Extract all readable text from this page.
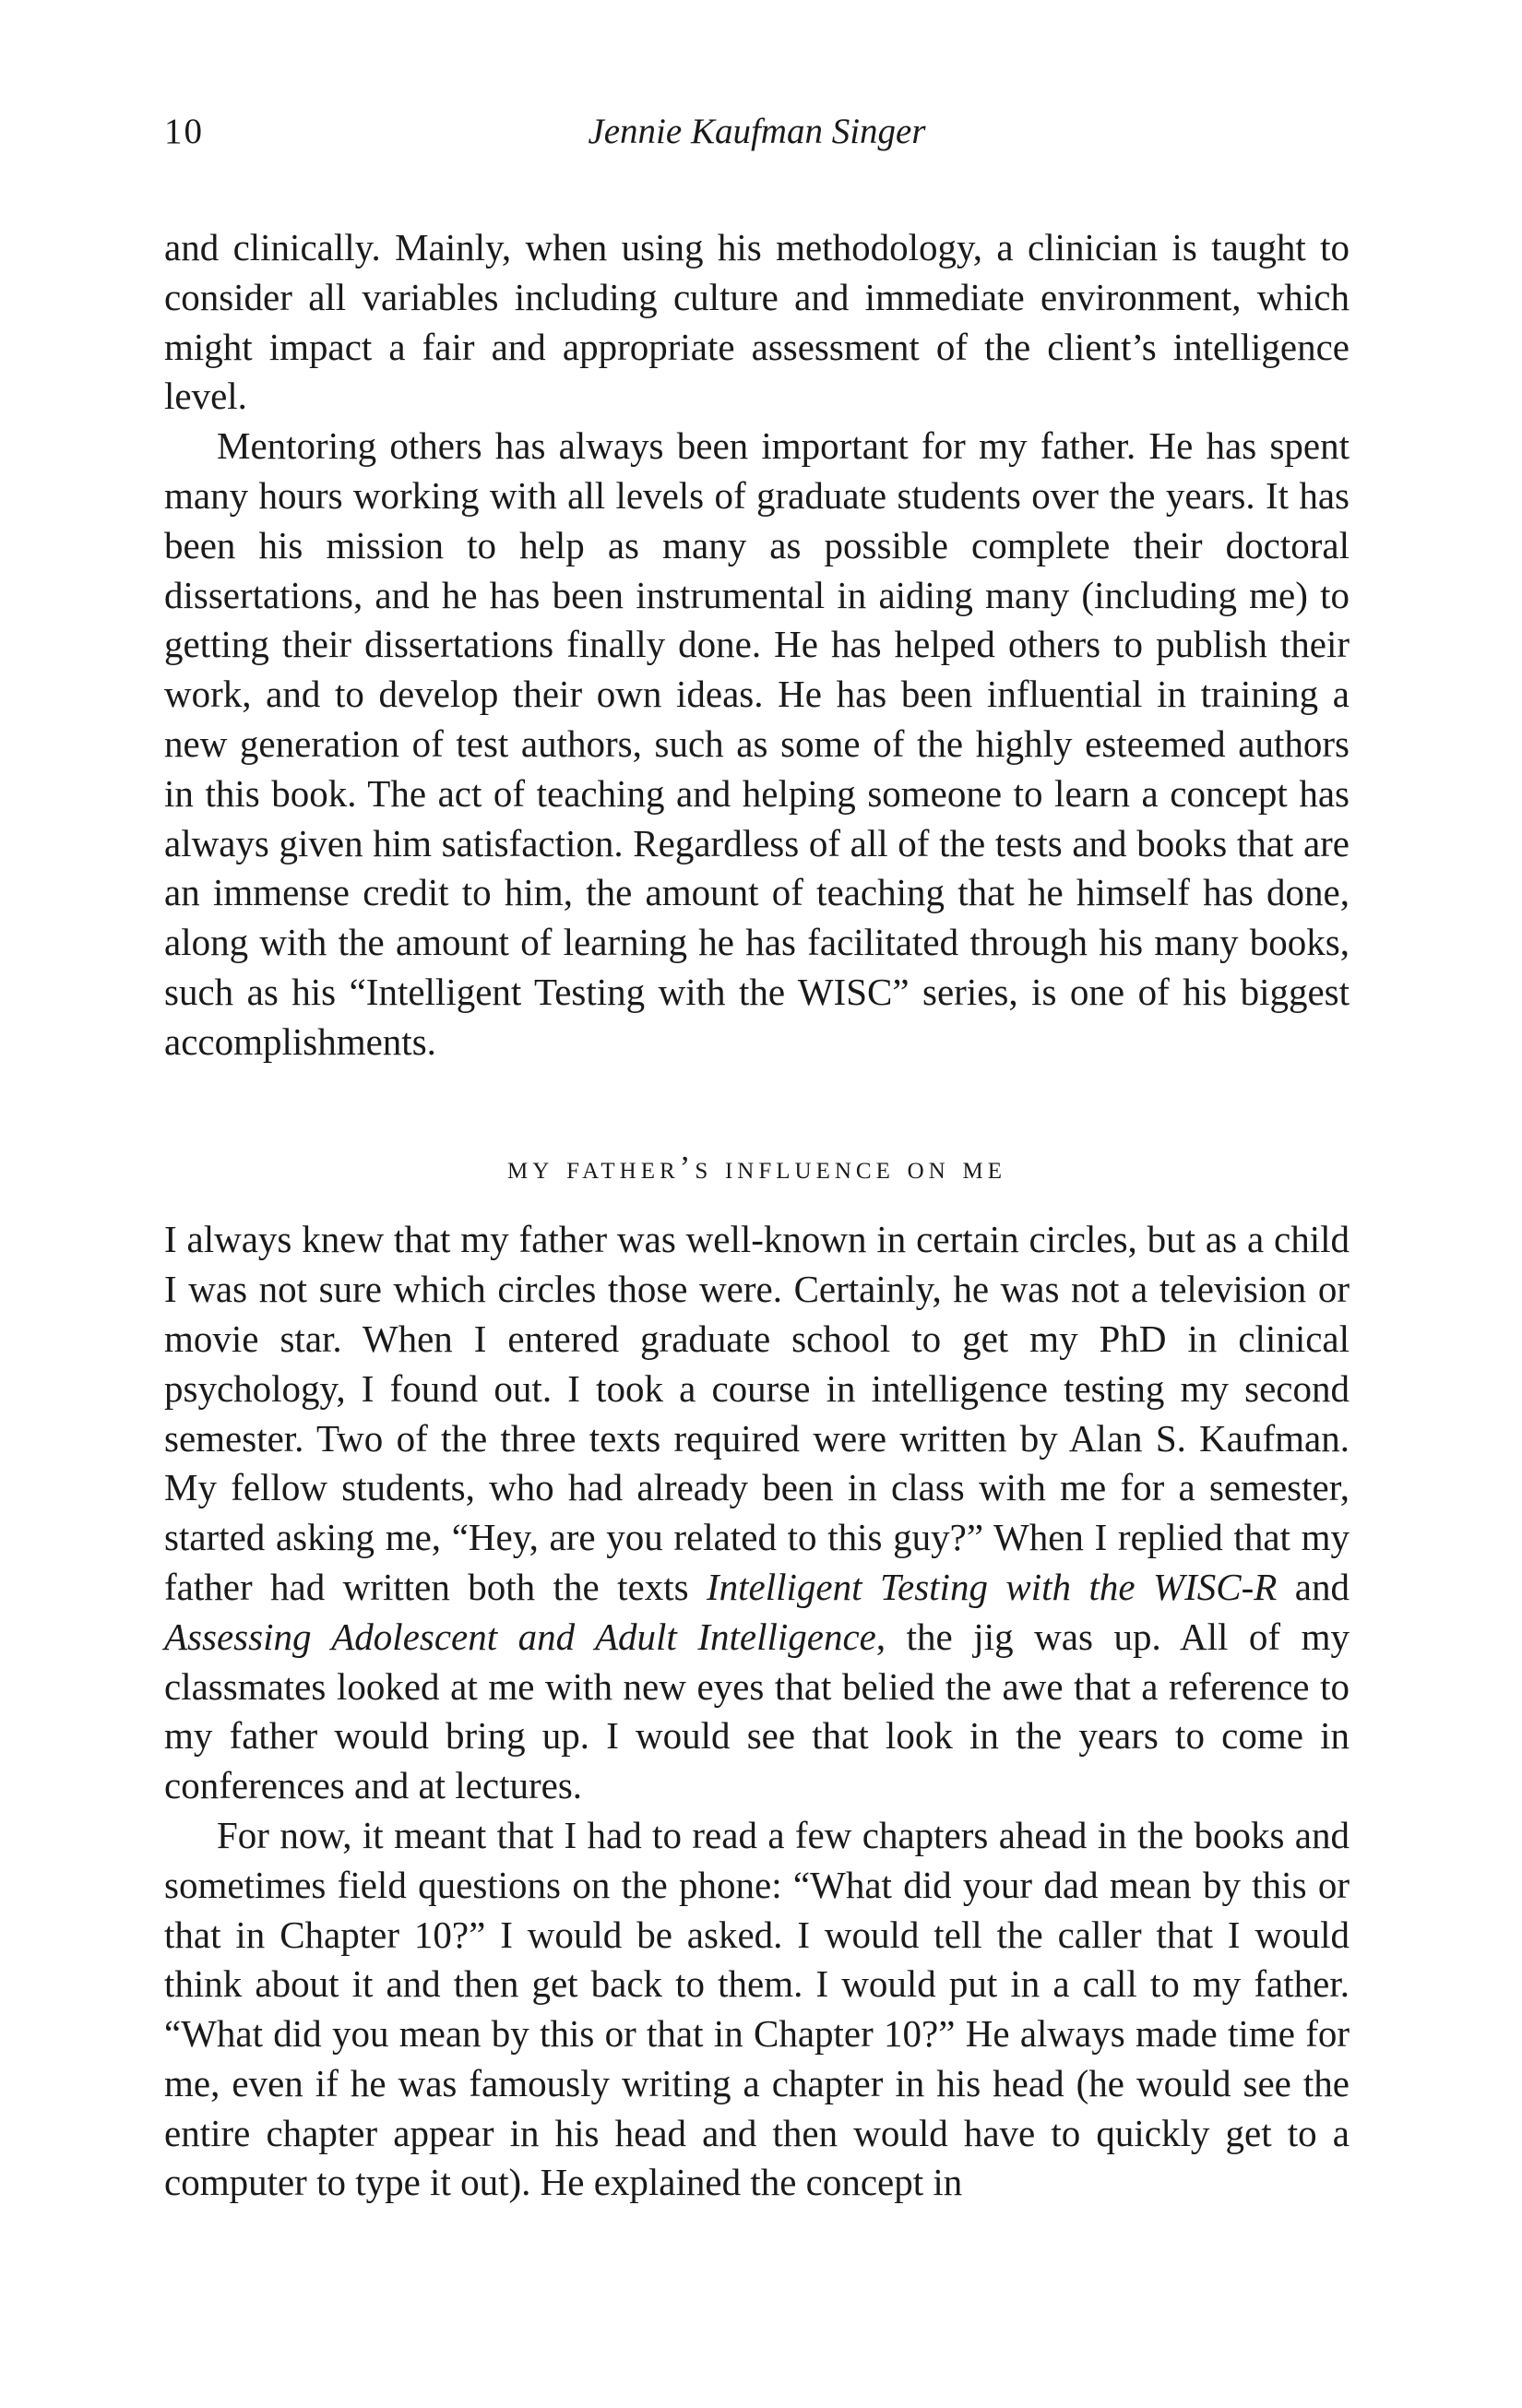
10	Jennie Kaufman Singer

and clinically. Mainly, when using his methodology, a clinician is taught to consider all variables including culture and immediate environment, which might impact a fair and appropriate assessment of the client’s intelligence level.

Mentoring others has always been important for my father. He has spent many hours working with all levels of graduate students over the years. It has been his mission to help as many as possible complete their doctoral dissertations, and he has been instrumental in aiding many (including me) to getting their dissertations finally done. He has helped others to publish their work, and to develop their own ideas. He has been influential in training a new generation of test authors, such as some of the highly esteemed authors in this book. The act of teaching and helping someone to learn a concept has always given him satisfaction. Regardless of all of the tests and books that are an immense credit to him, the amount of teaching that he himself has done, along with the amount of learning he has facilitated through his many books, such as his “Intelligent Testing with the WISC” series, is one of his biggest accomplishments.

my father’s influence on me

I always knew that my father was well-known in certain circles, but as a child I was not sure which circles those were. Certainly, he was not a television or movie star. When I entered graduate school to get my PhD in clinical psychology, I found out. I took a course in intelligence testing my second semester. Two of the three texts required were written by Alan S. Kaufman. My fellow students, who had already been in class with me for a semester, started asking me, “Hey, are you related to this guy?” When I replied that my father had written both the texts Intelligent Testing with the WISC-R and Assessing Adolescent and Adult Intelligence, the jig was up. All of my classmates looked at me with new eyes that belied the awe that a reference to my father would bring up. I would see that look in the years to come in conferences and at lectures.

For now, it meant that I had to read a few chapters ahead in the books and sometimes field questions on the phone: “What did your dad mean by this or that in Chapter 10?” I would be asked. I would tell the caller that I would think about it and then get back to them. I would put in a call to my father. “What did you mean by this or that in Chapter 10?” He always made time for me, even if he was famously writing a chapter in his head (he would see the entire chapter appear in his head and then would have to quickly get to a computer to type it out). He explained the concept in
